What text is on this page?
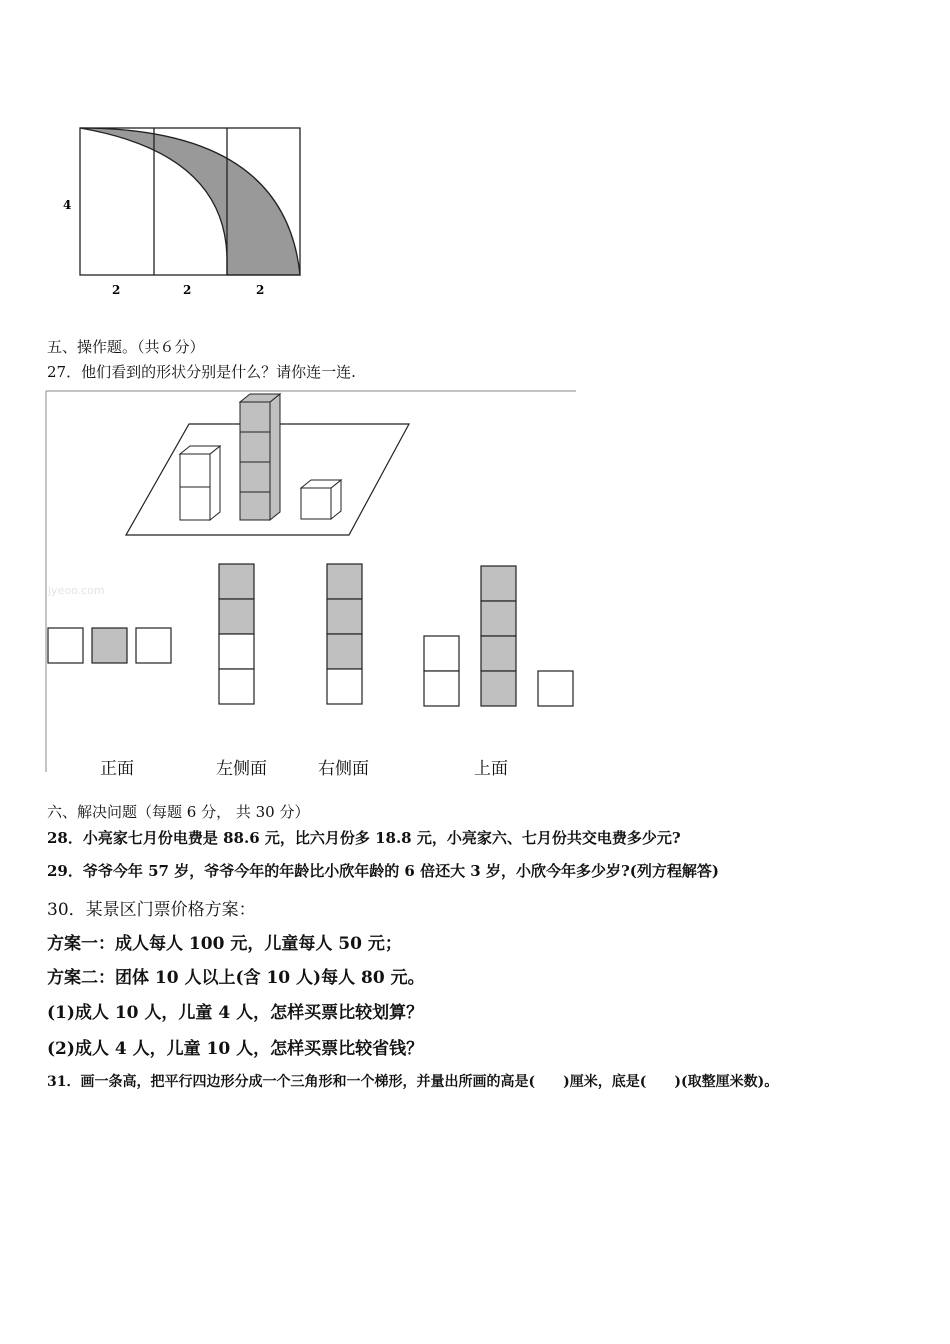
4
2	2	2
五、操作题。（共６分）
27．他们看到的形状分别是什么？请你连一连.
jyeoo.com
正面	左侧面	右侧面	上面
六、解决问题（每题 6 分， 共 30 分）
28．小亮家七月份电费是 88.6 元，比六月份多 18.8 元，小亮家六、七月份共交电费多少元?
29．爷爷今年 57 岁，爷爷今年的年龄比小欣年龄的 6 倍还大 3 岁，小欣今年多少岁?(列方程解答)
30．某景区门票价格方案：
方案一：成人每人 100 元，儿童每人 50 元；
方案二：团体 10 人以上(含 10 人)每人 80 元。
(1)成人 10 人，儿童 4 人，怎样买票比较划算？
(2)成人 4 人，儿童 10 人，怎样买票比较省钱？
31．画一条高，把平行四边形分成一个三角形和一个梯形，并量出所画的高是(　　)厘米，底是(　　)(取整厘米数)。
